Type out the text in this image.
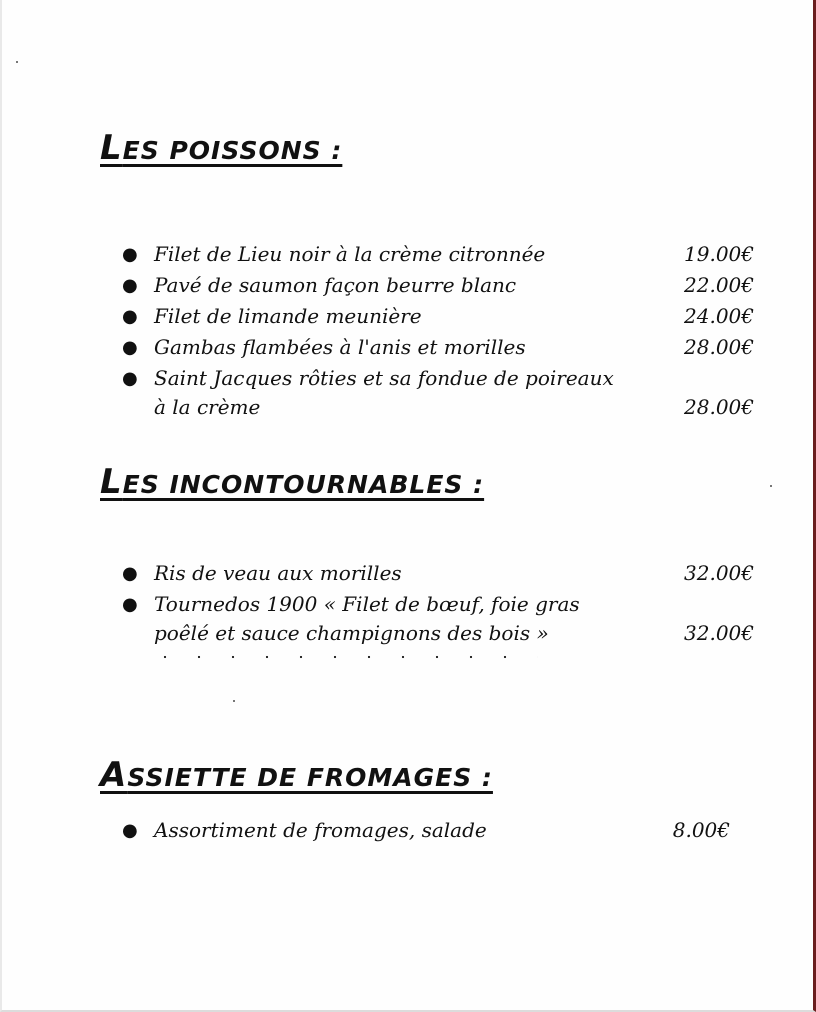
LES POISSONS :
● Filet de Lieu noir à la crème citronnée	19.00€
● Pavé de saumon façon beurre blanc	22.00€
● Filet de limande meunière	24.00€
● Gambas flambées à l'anis et morilles	28.00€
● Saint Jacques rôties et sa fondue de poireaux
à la crème	28.00€
LES INCONTOURNABLES :
● Ris de veau aux morilles	32.00€
● Tournedos 1900 « Filet de bœuf, foie gras
poêlé et sauce champignons des bois »	32.00€
ASSIETTE DE FROMAGES :
● Assortiment de fromages, salade	8.00€
